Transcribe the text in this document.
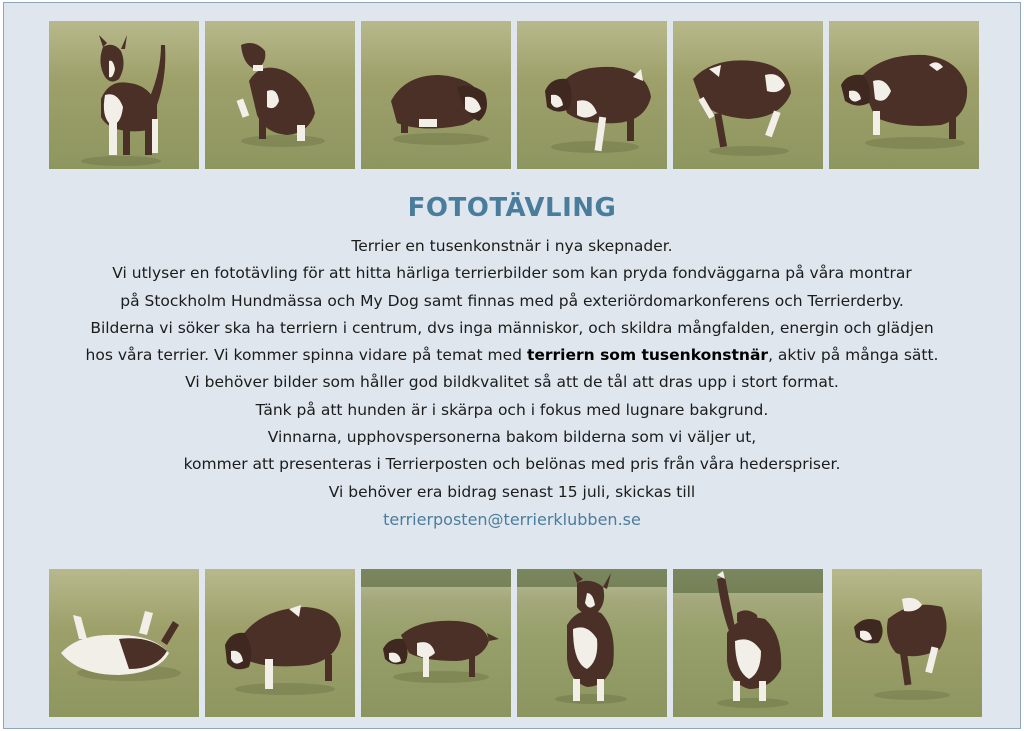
FOTOTÄVLING

Terrier en tusenkonstnär i nya skepnader.

Vi utlyser en fototävling för att hitta härliga terrierbilder som kan pryda fondväggarna på våra montrar

på Stockholm Hundmässa och My Dog samt finnas med på exteriördomarkonferens och Terrierderby.

Bilderna vi söker ska ha terriern i centrum, dvs inga människor, och skildra mångfalden, energin och glädjen

hos våra terrier. Vi kommer spinna vidare på temat med terriern som tusenkonstnär, aktiv på många sätt.

Vi behöver bilder som håller god bildkvalitet så att de tål att dras upp i stort format.

Tänk på att hunden är i skärpa och i fokus med lugnare bakgrund.

Vinnarna, upphovspersonerna bakom bilderna som vi väljer ut,

kommer att presenteras i Terrierposten och belönas med pris från våra hederspriser.

Vi behöver era bidrag senast 15 juli, skickas till

terrierposten@terrierklubben.se
